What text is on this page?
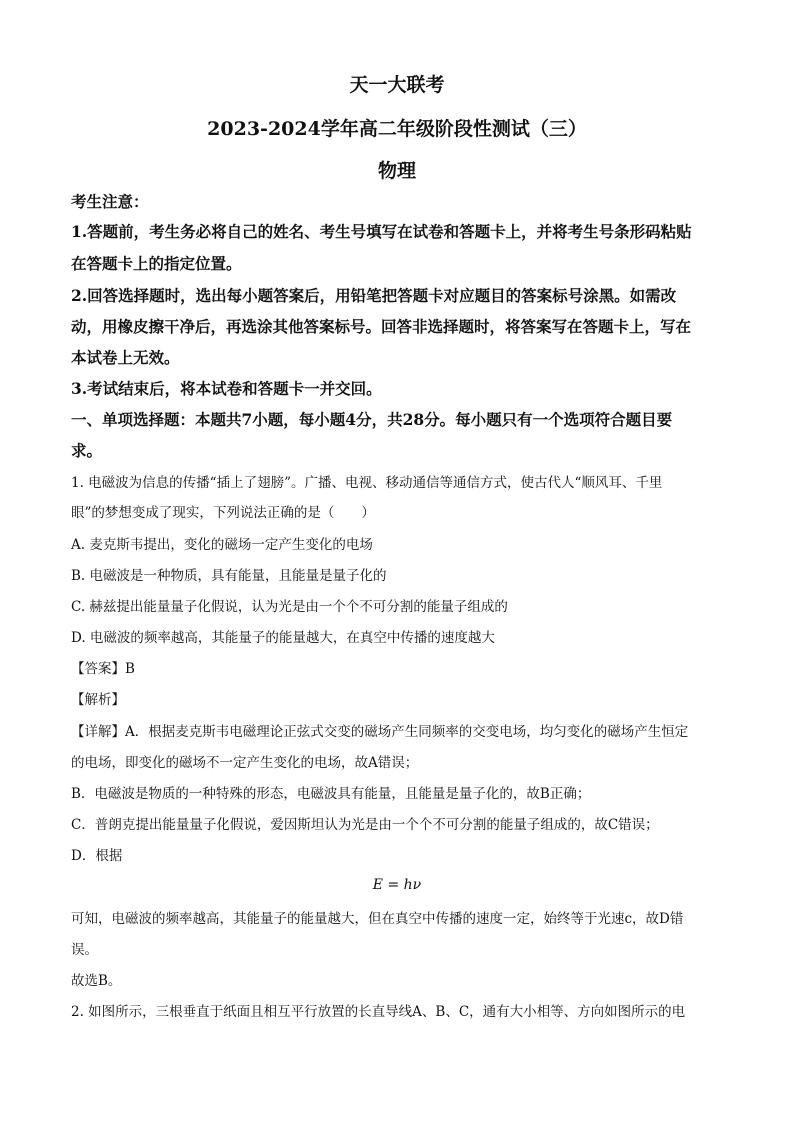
天一大联考
2023-2024学年高二年级阶段性测试（三）
物理
考生注意：
1.答题前，考生务必将自己的姓名、考生号填写在试卷和答题卡上，并将考生号条形码粘贴
在答题卡上的指定位置。
2.回答选择题时，选出每小题答案后，用铅笔把答题卡对应题目的答案标号涂黑。如需改
动，用橡皮擦干净后，再选涂其他答案标号。回答非选择题时，将答案写在答题卡上，写在
本试卷上无效。
3.考试结束后，将本试卷和答题卡一并交回。
一、单项选择题：本题共7小题，每小题4分，共28分。每小题只有一个选项符合题目要
求。
1. 电磁波为信息的传播“插上了翅膀”。广播、电视、移动通信等通信方式，使古代人“顺风耳、千里
眼”的梦想变成了现实，下列说法正确的是（　　）
A. 麦克斯韦提出，变化的磁场一定产生变化的电场
B. 电磁波是一种物质，具有能量，且能量是量子化的
C. 赫兹提出能量量子化假说，认为光是由一个个不可分割的能量子组成的
D. 电磁波的频率越高，其能量子的能量越大，在真空中传播的速度越大
【答案】B
【解析】
【详解】A．根据麦克斯韦电磁理论正弦式交变的磁场产生同频率的交变电场，均匀变化的磁场产生恒定
的电场，即变化的磁场不一定产生变化的电场，故A错误；
B．电磁波是物质的一种特殊的形态，电磁波具有能量，且能量是量子化的，故B正确；
C．普朗克提出能量量子化假说，爱因斯坦认为光是由一个个不可分割的能量子组成的，故C错误；
D．根据
E = hν
可知，电磁波的频率越高，其能量子的能量越大，但在真空中传播的速度一定，始终等于光速c，故D错
误。
故选B。
2. 如图所示，三根垂直于纸面且相互平行放置的长直导线A、B、C，通有大小相等、方向如图所示的电
